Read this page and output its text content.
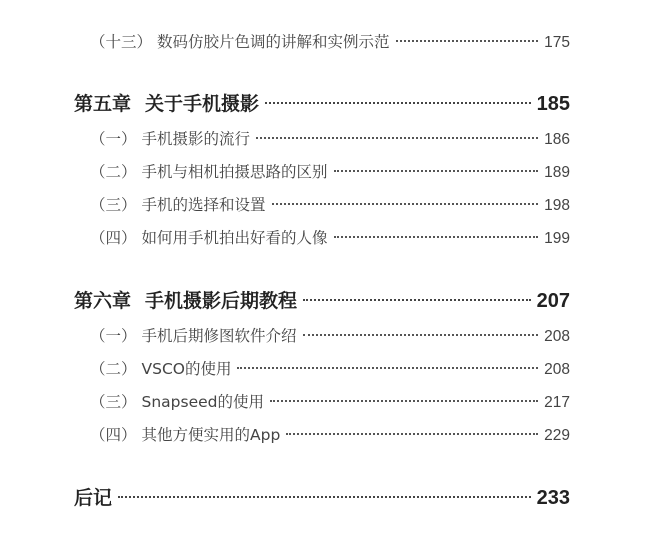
（十三） 数码仿胶片色调的讲解和实例示范	175
第五章 关于手机摄影	185
（一） 手机摄影的流行	186
（二） 手机与相机拍摄思路的区别	189
（三） 手机的选择和设置	198
（四） 如何用手机拍出好看的人像	199
第六章 手机摄影后期教程	207
（一） 手机后期修图软件介绍	208
（二） VSCO的使用	208
（三） Snapseed的使用	217
（四） 其他方便实用的App	229
后记	233
